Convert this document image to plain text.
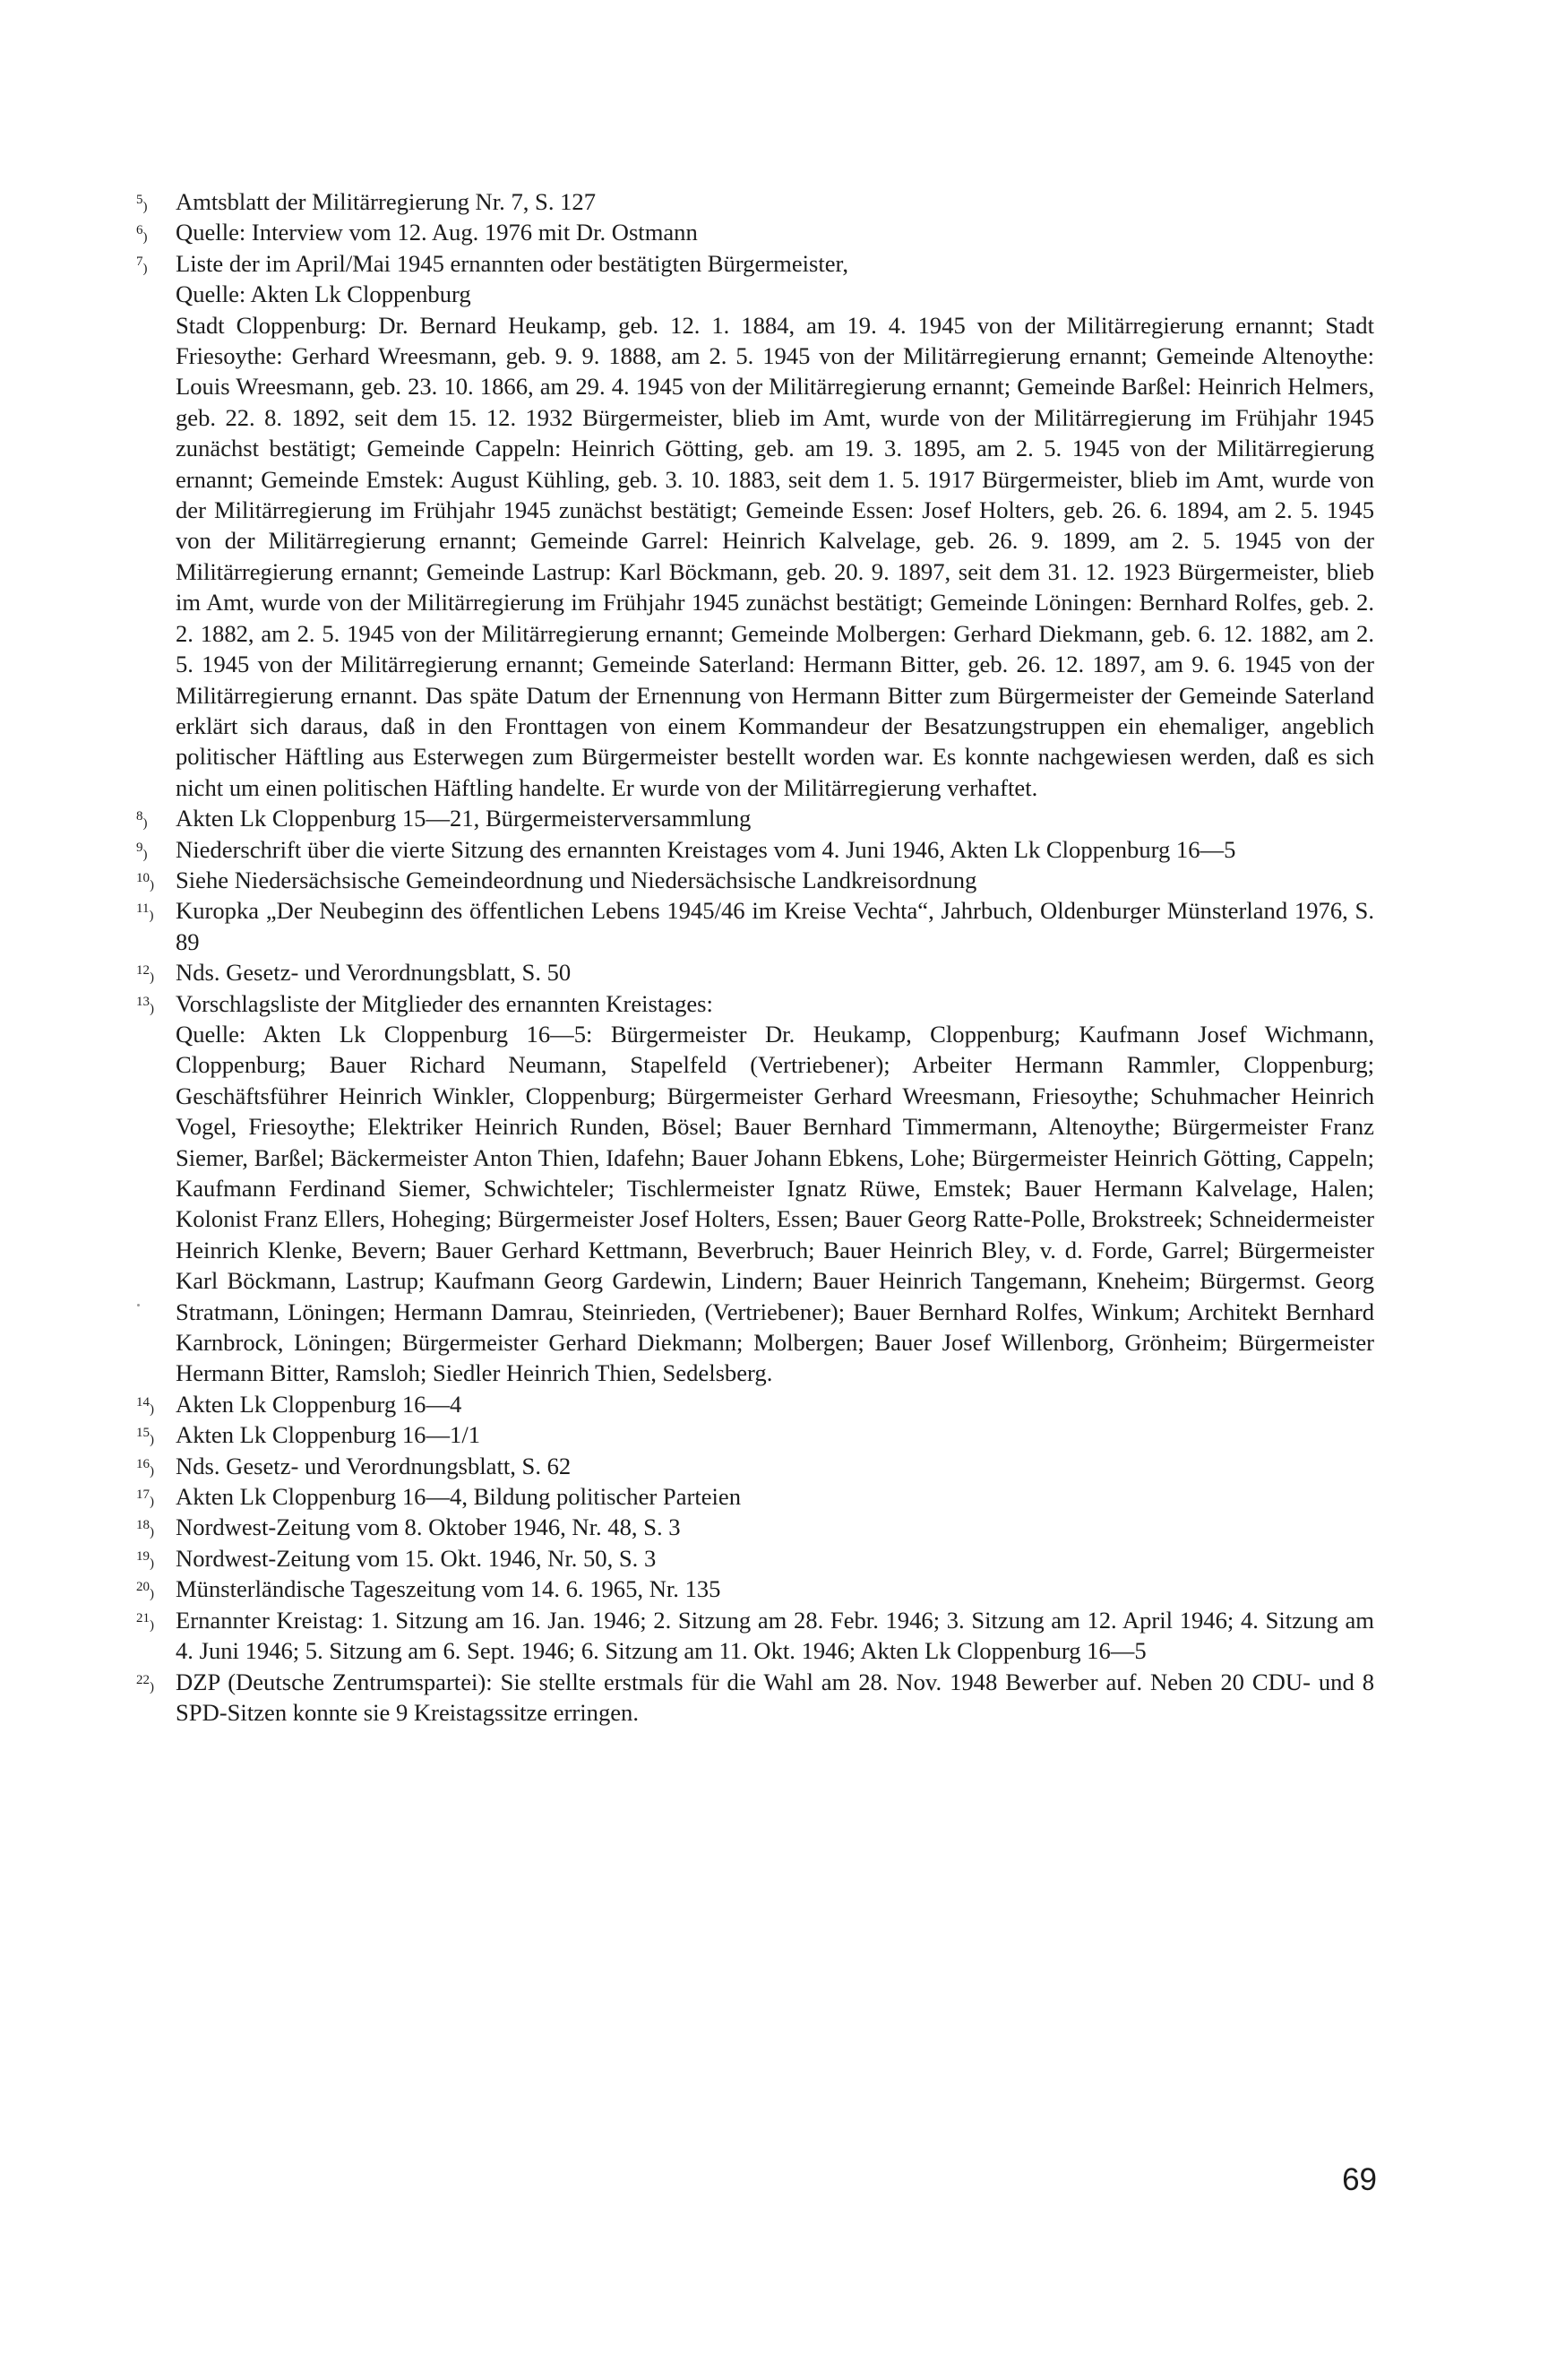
$^5$)	Amtsblatt der Militärregierung Nr. 7, S. 127
$^6$)	Quelle: Interview vom 12. Aug. 1976 mit Dr. Ostmann
$^7$)	Liste der im April/Mai 1945 ernannten oder bestätigten Bürgermeister,
Quelle: Akten Lk Cloppenburg
Stadt Cloppenburg: Dr. Bernard Heukamp, geb. 12. 1. 1884, am 19. 4. 1945 von der Militärregierung ernannt; Stadt Friesoythe: Gerhard Wreesmann, geb. 9. 9. 1888, am 2. 5. 1945 von der Militärregierung ernannt; Gemeinde Altenoythe: Louis Wreesmann, geb. 23. 10. 1866, am 29. 4. 1945 von der Militärregierung ernannt; Gemeinde Barßel: Heinrich Helmers, geb. 22. 8. 1892, seit dem 15. 12. 1932 Bürgermeister, blieb im Amt, wurde von der Militärregierung im Frühjahr 1945 zunächst bestätigt; Gemeinde Cappeln: Heinrich Götting, geb. am 19. 3. 1895, am 2. 5. 1945 von der Militärregierung ernannt; Gemeinde Emstek: August Kühling, geb. 3. 10. 1883, seit dem 1. 5. 1917 Bürgermeister, blieb im Amt, wurde von der Militärregierung im Frühjahr 1945 zunächst bestätigt; Gemeinde Essen: Josef Holters, geb. 26. 6. 1894, am 2. 5. 1945 von der Militärregierung ernannt; Gemeinde Garrel: Heinrich Kalvelage, geb. 26. 9. 1899, am 2. 5. 1945 von der Militärregierung ernannt; Gemeinde Lastrup: Karl Böckmann, geb. 20. 9. 1897, seit dem 31. 12. 1923 Bürgermeister, blieb im Amt, wurde von der Militärregierung im Frühjahr 1945 zunächst bestätigt; Gemeinde Löningen: Bernhard Rolfes, geb. 2. 2. 1882, am 2. 5. 1945 von der Militärregierung ernannt; Gemeinde Molbergen: Gerhard Diekmann, geb. 6. 12. 1882, am 2. 5. 1945 von der Militärregierung ernannt; Gemeinde Saterland: Hermann Bitter, geb. 26. 12. 1897, am 9. 6. 1945 von der Militärregierung ernannt. Das späte Datum der Ernennung von Hermann Bitter zum Bürgermeister der Gemeinde Saterland erklärt sich daraus, daß in den Fronttagen von einem Kommandeur der Besatzungstruppen ein ehemaliger, angeblich politischer Häftling aus Esterwegen zum Bürgermeister bestellt worden war. Es konnte nachgewiesen werden, daß es sich nicht um einen politischen Häftling handelte. Er wurde von der Militärregierung verhaftet.
$^8$)	Akten Lk Cloppenburg 15—21, Bürgermeisterversammlung
$^9$)	Niederschrift über die vierte Sitzung des ernannten Kreistages vom 4. Juni 1946, Akten Lk Cloppenburg 16—5
$^{10}$) Siehe Niedersächsische Gemeindeordnung und Niedersächsische Landkreisordnung
$^{11}$) Kuropka „Der Neubeginn des öffentlichen Lebens 1945/46 im Kreise Vechta“, Jahrbuch, Oldenburger Münsterland 1976, S. 89
$^{12}$) Nds. Gesetz- und Verordnungsblatt, S. 50
$^{13}$) Vorschlagsliste der Mitglieder des ernannten Kreistages:
Quelle: Akten Lk Cloppenburg 16—5: Bürgermeister Dr. Heukamp, Cloppenburg; Kaufmann Josef Wichmann, Cloppenburg; Bauer Richard Neumann, Stapelfeld (Vertriebener); Arbeiter Hermann Rammler, Cloppenburg; Geschäftsführer Heinrich Winkler, Cloppenburg; Bürgermeister Gerhard Wreesmann, Friesoythe; Schuhmacher Heinrich Vogel, Friesoythe; Elektriker Heinrich Runden, Bösel; Bauer Bernhard Timmermann, Altenoythe; Bürgermeister Franz Siemer, Barßel; Bäckermeister Anton Thien, Idafehn; Bauer Johann Ebkens, Lohe; Bürgermeister Heinrich Götting, Cappeln; Kaufmann Ferdinand Siemer, Schwichteler; Tischlermeister Ignatz Rüwe, Emstek; Bauer Hermann Kalvelage, Halen; Kolonist Franz Ellers, Hoheging; Bürgermeister Josef Holters, Essen; Bauer Georg Ratte-Polle, Brokstreek; Schneidermeister Heinrich Klenke, Bevern; Bauer Gerhard Kettmann, Beverbruch; Bauer Heinrich Bley, v. d. Forde, Garrel; Bürgermeister Karl Böckmann, Lastrup; Kaufmann Georg Gardewin, Lindern; Bauer Heinrich Tangemann, Kneheim; Bürgermst. Georg Stratmann, Löningen; Hermann Damrau, Steinrieden, (Vertriebener); Bauer Bernhard Rolfes, Winkum; Architekt Bernhard Karnbrock, Löningen; Bürgermeister Gerhard Diekmann; Molbergen; Bauer Josef Willenborg, Grönheim; Bürgermeister Hermann Bitter, Ramsloh; Siedler Heinrich Thien, Sedelsberg.
$^{14}$) Akten Lk Cloppenburg 16—4
$^{15}$) Akten Lk Cloppenburg 16—1/1
$^{16}$) Nds. Gesetz- und Verordnungsblatt, S. 62
$^{17}$) Akten Lk Cloppenburg 16—4, Bildung politischer Parteien
$^{18}$) Nordwest-Zeitung vom 8. Oktober 1946, Nr. 48, S. 3
$^{19}$) Nordwest-Zeitung vom 15. Okt. 1946, Nr. 50, S. 3
$^{20}$) Münsterländische Tageszeitung vom 14. 6. 1965, Nr. 135
$^{21}$) Ernannter Kreistag: 1. Sitzung am 16. Jan. 1946; 2. Sitzung am 28. Febr. 1946; 3. Sitzung am 12. April 1946; 4. Sitzung am 4. Juni 1946; 5. Sitzung am 6. Sept. 1946; 6. Sitzung am 11. Okt. 1946; Akten Lk Cloppenburg 16—5
$^{22}$) DZP (Deutsche Zentrumspartei): Sie stellte erstmals für die Wahl am 28. Nov. 1948 Bewerber auf. Neben 20 CDU- und 8 SPD-Sitzen konnte sie 9 Kreistagssitze erringen.
69
